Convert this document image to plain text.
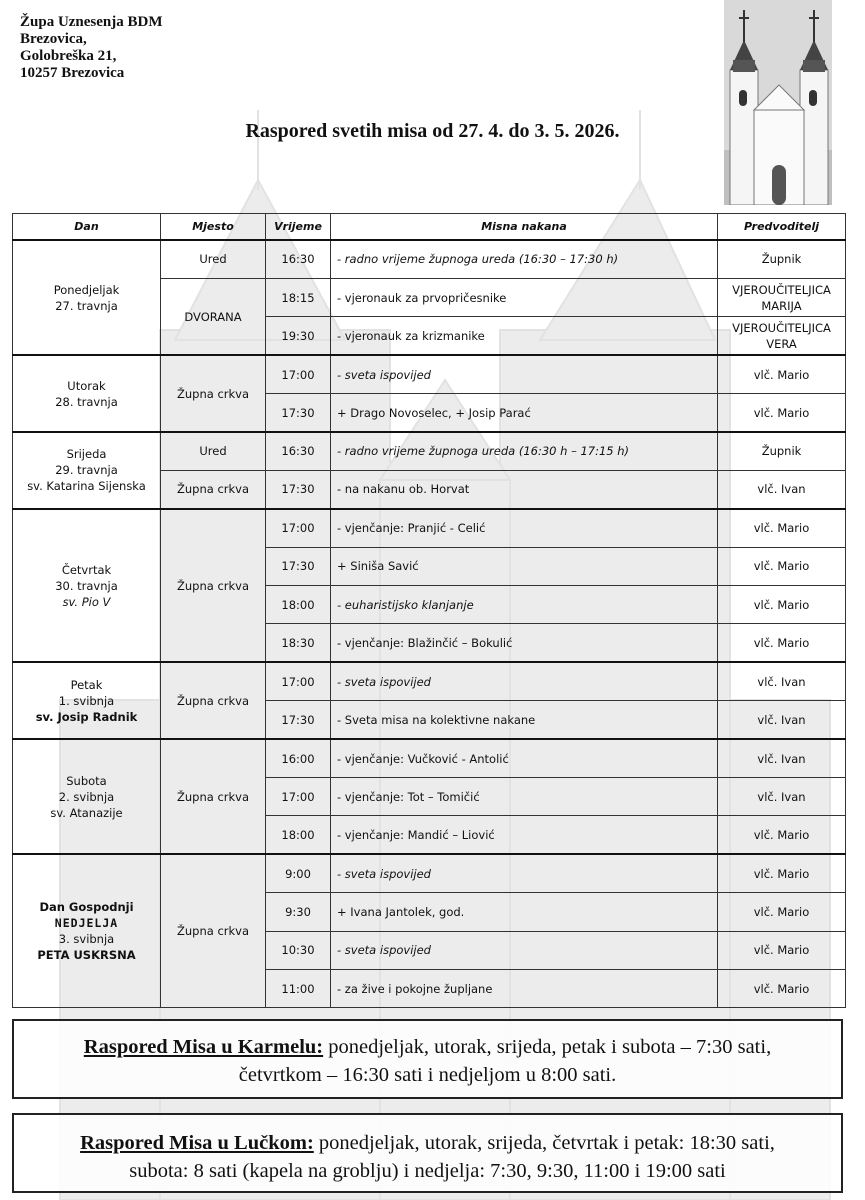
Župa Uznesenja BDM
Brezovica,
Golobreška 21,
10257 Brezovica
Raspored svetih misa od 27. 4. do 3. 5. 2026.
Dan	Mjesto	Vrijeme	Misna nakana	Predvoditelj

Ponedjeljak
27. travnja	Ured	16:30	- radno vrijeme župnoga ureda (16:30 – 17:30 h)	Župnik
	DVORANA	18:15	- vjeronauk za prvopričesnike	VJEROUČITELJICA MARIJA
		19:30	- vjeronauk za krizmanike	VJEROUČITELJICA VERA

Utorak
28. travnja	Župna crkva	17:00	- sveta ispovijed	vlč. Mario
		17:30	+ Drago Novoselec, + Josip Parać	vlč. Mario

Srijeda
29. travnja
sv. Katarina Sijenska	Ured	16:30	- radno vrijeme župnoga ureda (16:30 h – 17:15 h)	Župnik
	Župna crkva	17:30	- na nakanu ob. Horvat	vlč. Ivan

Četvrtak
30. travnja
sv. Pio V	Župna crkva	17:00	- vjenčanje: Pranjić - Celić	vlč. Mario
		17:30	+ Siniša Savić	vlč. Mario
		18:00	- euharistijsko klanjanje	vlč. Mario
		18:30	- vjenčanje: Blažinčić – Bokulić	vlč. Mario

Petak
1. svibnja
sv. Josip Radnik	Župna crkva	17:00	- sveta ispovijed	vlč. Ivan
		17:30	- Sveta misa na kolektivne nakane	vlč. Ivan

Subota
2. svibnja
sv. Atanazije	Župna crkva	16:00	- vjenčanje: Vučković - Antolić	vlč. Ivan
		17:00	- vjenčanje: Tot – Tomičić	vlč. Ivan
		18:00	- vjenčanje: Mandić – Liović	vlč. Mario

Dan Gospodnji
NEDJELJA
3. svibnja
PETA USKRSNA	Župna crkva	9:00	- sveta ispovijed	vlč. Mario
		9:30	+ Ivana Jantolek, god.	vlč. Mario
		10:30	- sveta ispovijed	vlč. Mario
		11:00	- za žive i pokojne župljane	vlč. Mario
Raspored Misa u Karmelu: ponedjeljak, utorak, srijeda, petak i subota – 7:30 sati,
četvrtkom – 16:30 sati i nedjeljom u 8:00 sati.
Raspored Misa u Lučkom: ponedjeljak, utorak, srijeda, četvrtak i petak: 18:30 sati,
subota: 8 sati (kapela na groblju) i nedjelja: 7:30, 9:30, 11:00 i 19:00 sati
